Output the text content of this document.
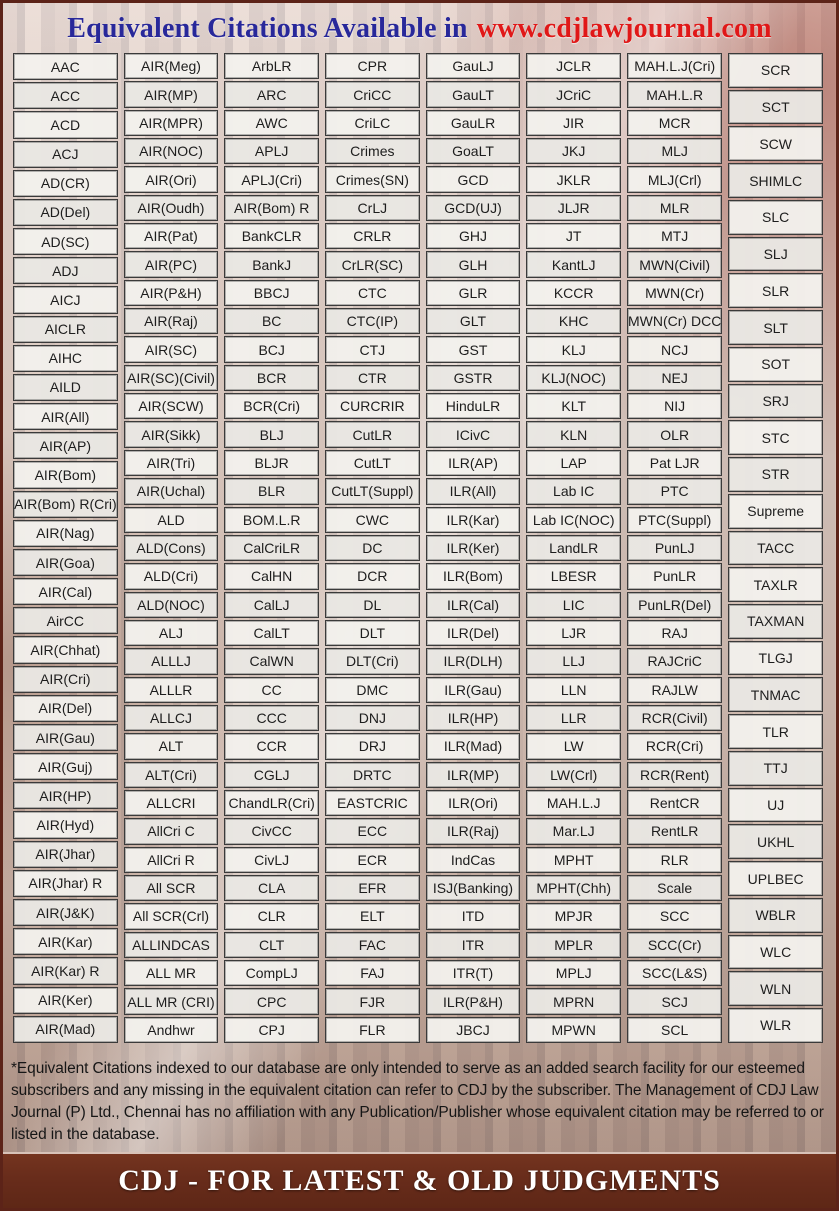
Equivalent Citations Available in www.cdjlawjournal.com
AAC
ACC
ACD
ACJ
AD(CR)
AD(Del)
AD(SC)
ADJ
AICJ
AICLR
AIHC
AILD
AIR(All)
AIR(AP)
AIR(Bom)
AIR(Bom) R(Cri)
AIR(Nag)
AIR(Goa)
AIR(Cal)
AirCC
AIR(Chhat)
AIR(Cri)
AIR(Del)
AIR(Gau)
AIR(Guj)
AIR(HP)
AIR(Hyd)
AIR(Jhar)
AIR(Jhar) R
AIR(J&K)
AIR(Kar)
AIR(Kar) R
AIR(Ker)
AIR(Mad)
AIR(Meg)
AIR(MP)
AIR(MPR)
AIR(NOC)
AIR(Ori)
AIR(Oudh)
AIR(Pat)
AIR(PC)
AIR(P&H)
AIR(Raj)
AIR(SC)
AIR(SC)(Civil)
AIR(SCW)
AIR(Sikk)
AIR(Tri)
AIR(Uchal)
ALD
ALD(Cons)
ALD(Cri)
ALD(NOC)
ALJ
ALLLJ
ALLLR
ALLCJ
ALT
ALT(Cri)
ALLCRI
AllCri C
AllCri R
All SCR
All SCR(Crl)
ALLINDCAS
ALL MR
ALL MR (CRI)
Andhwr
ArbLR
ARC
AWC
APLJ
APLJ(Cri)
AIR(Bom) R
BankCLR
BankJ
BBCJ
BC
BCJ
BCR
BCR(Cri)
BLJ
BLJR
BLR
BOM.L.R
CalCriLR
CalHN
CalLJ
CalLT
CalWN
CC
CCC
CCR
CGLJ
ChandLR(Cri)
CivCC
CivLJ
CLA
CLR
CLT
CompLJ
CPC
CPJ
CPR
CriCC
CriLC
Crimes
Crimes(SN)
CrLJ
CRLR
CrLR(SC)
CTC
CTC(IP)
CTJ
CTR
CURCRIR
CutLR
CutLT
CutLT(Suppl)
CWC
DC
DCR
DL
DLT
DLT(Cri)
DMC
DNJ
DRJ
DRTC
EASTCRIC
ECC
ECR
EFR
ELT
FAC
FAJ
FJR
FLR
GauLJ
GauLT
GauLR
GoaLT
GCD
GCD(UJ)
GHJ
GLH
GLR
GLT
GST
GSTR
HinduLR
ICivC
ILR(AP)
ILR(All)
ILR(Kar)
ILR(Ker)
ILR(Bom)
ILR(Cal)
ILR(Del)
ILR(DLH)
ILR(Gau)
ILR(HP)
ILR(Mad)
ILR(MP)
ILR(Ori)
ILR(Raj)
IndCas
ISJ(Banking)
ITD
ITR
ITR(T)
ILR(P&H)
JBCJ
JCLR
JCriC
JIR
JKJ
JKLR
JLJR
JT
KantLJ
KCCR
KHC
KLJ
KLJ(NOC)
KLT
KLN
LAP
Lab IC
Lab IC(NOC)
LandLR
LBESR
LIC
LJR
LLJ
LLN
LLR
LW
LW(Crl)
MAH.L.J
Mar.LJ
MPHT
MPHT(Chh)
MPJR
MPLR
MPLJ
MPRN
MPWN
MAH.L.J(Cri)
MAH.L.R
MCR
MLJ
MLJ(Crl)
MLR
MTJ
MWN(Civil)
MWN(Cr)
MWN(Cr) DCC
NCJ
NEJ
NIJ
OLR
Pat LJR
PTC
PTC(Suppl)
PunLJ
PunLR
PunLR(Del)
RAJ
RAJCriC
RAJLW
RCR(Civil)
RCR(Cri)
RCR(Rent)
RentCR
RentLR
RLR
Scale
SCC
SCC(Cr)
SCC(L&S)
SCJ
SCL
SCR
SCT
SCW
SHIMLC
SLC
SLJ
SLR
SLT
SOT
SRJ
STC
STR
Supreme
TACC
TAXLR
TAXMAN
TLGJ
TNMAC
TLR
TTJ
UJ
UKHL
UPLBEC
WBLR
WLC
WLN
WLR
*Equivalent Citations indexed to our database are only intended to serve as an added search facility for our esteemed subscribers and any missing in the equivalent citation can refer to CDJ by the subscriber. The Management of CDJ Law Journal (P) Ltd., Chennai has no affiliation with any Publication/Publisher whose equivalent citation may be referred to or listed in the database.
CDJ - FOR LATEST & OLD JUDGMENTS
